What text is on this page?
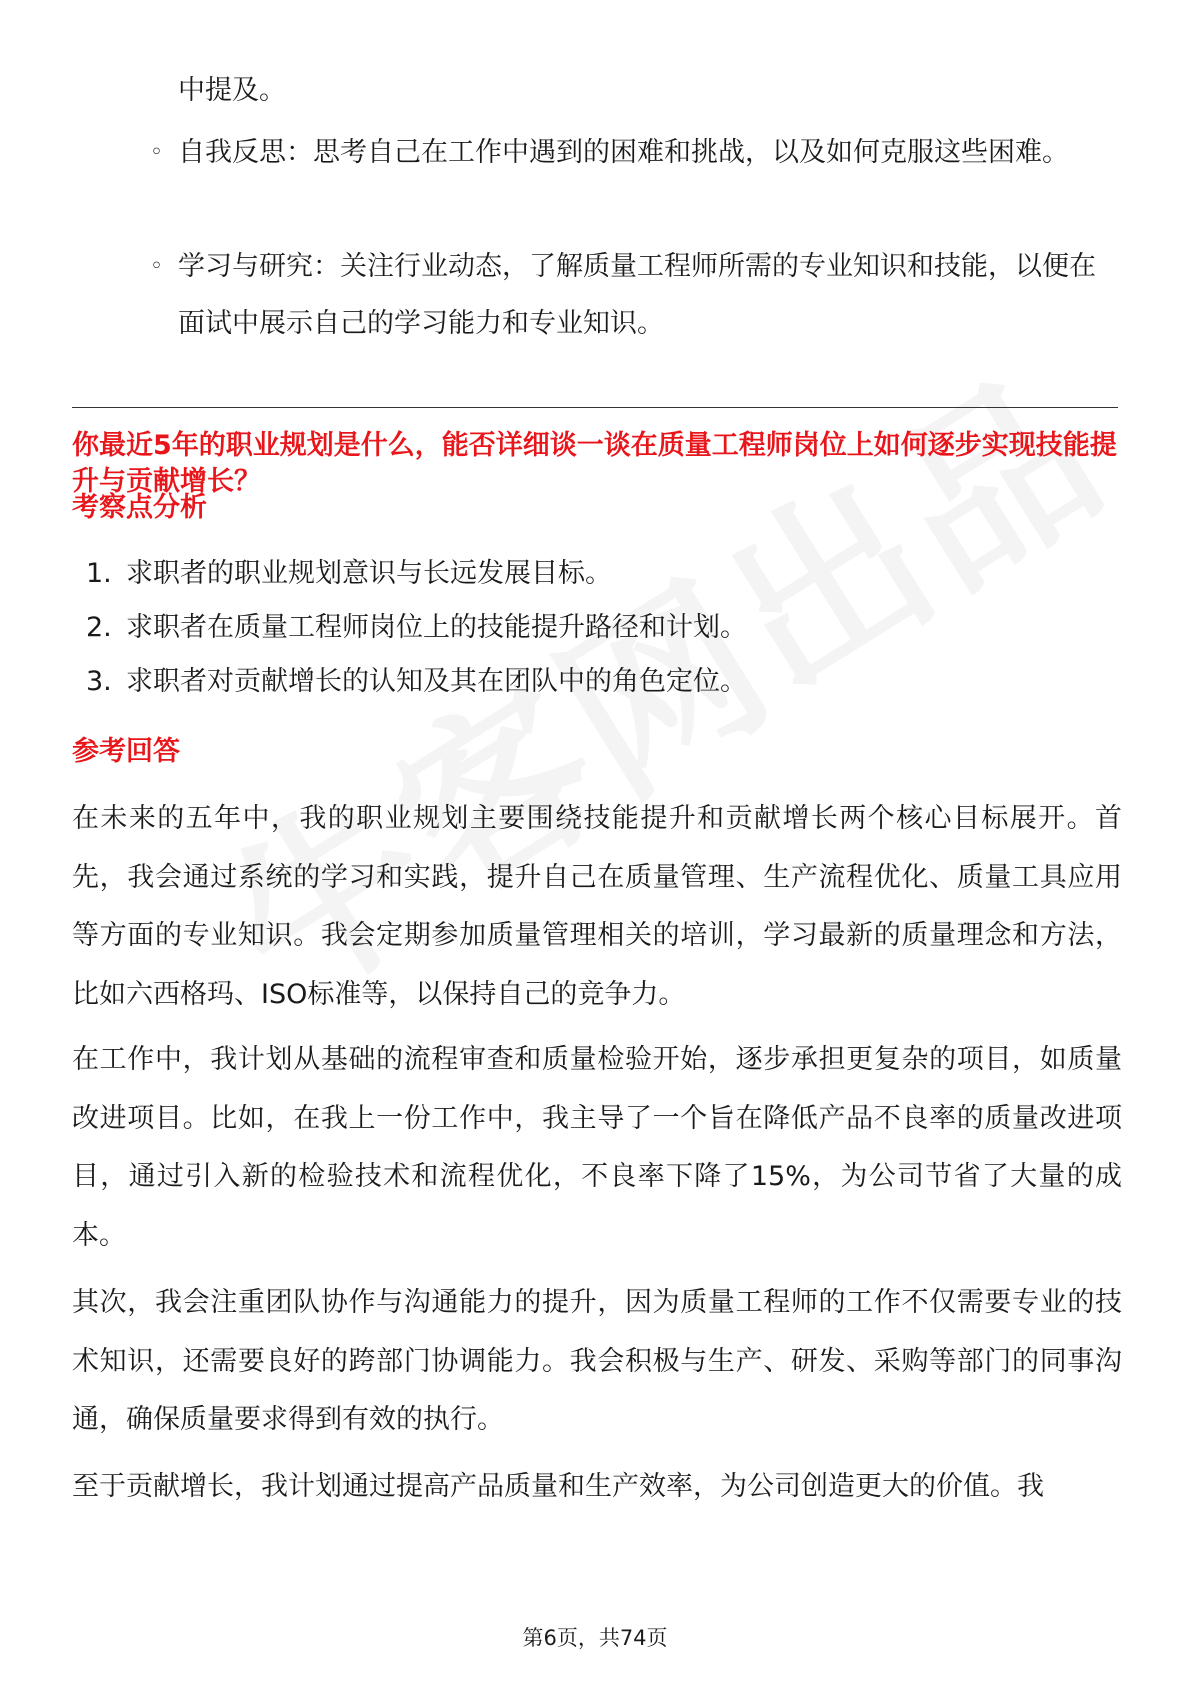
中提及。
◦ 自我反思：思考自己在工作中遇到的困难和挑战，以及如何克服这些困难。
◦ 学习与研究：关注行业动态，了解质量工程师所需的专业知识和技能，以便在面试中展示自己的学习能力和专业知识。
你最近5年的职业规划是什么，能否详细谈一谈在质量工程师岗位上如何逐步实现技能提升与贡献增长？
考察点分析
1. 求职者的职业规划意识与长远发展目标。
2. 求职者在质量工程师岗位上的技能提升路径和计划。
3. 求职者对贡献增长的认知及其在团队中的角色定位。
参考回答
在未来的五年中，我的职业规划主要围绕技能提升和贡献增长两个核心目标展开。首先，我会通过系统的学习和实践，提升自己在质量管理、生产流程优化、质量工具应用等方面的专业知识。我会定期参加质量管理相关的培训，学习最新的质量理念和方法，比如六西格玛、ISO标准等，以保持自己的竞争力。
在工作中，我计划从基础的流程审查和质量检验开始，逐步承担更复杂的项目，如质量改进项目。比如，在我上一份工作中，我主导了一个旨在降低产品不良率的质量改进项目，通过引入新的检验技术和流程优化，不良率下降了15%，为公司节省了大量的成本。
其次，我会注重团队协作与沟通能力的提升，因为质量工程师的工作不仅需要专业的技术知识，还需要良好的跨部门协调能力。我会积极与生产、研发、采购等部门的同事沟通，确保质量要求得到有效的执行。
至于贡献增长，我计划通过提高产品质量和生产效率，为公司创造更大的价值。我
第6页，共74页
